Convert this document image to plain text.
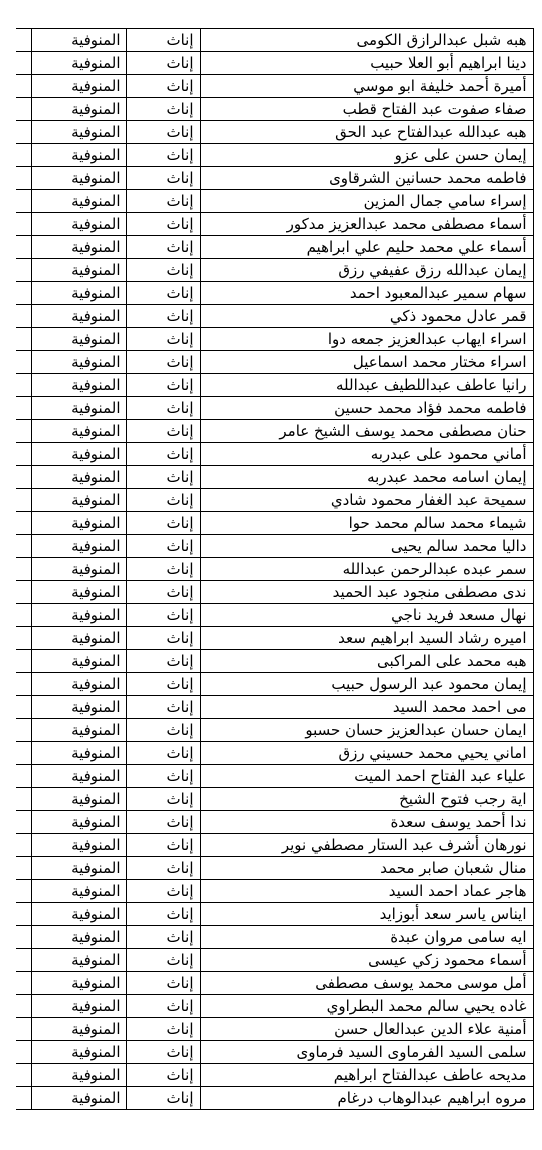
هبه شبل عبدالرازق الكومى	إناث	المنوفية	
دينا ابراهيم أبو العلا حبيب	إناث	المنوفية	
أميرة أحمد خليفة ابو موسي	إناث	المنوفية	
صفاء صفوت عبد الفتاح قطب	إناث	المنوفية	
هبه عبدالله عبدالفتاح عبد الحق	إناث	المنوفية	
إيمان حسن على عزو	إناث	المنوفية	
فاطمه محمد حسانين الشرقاوى	إناث	المنوفية	
إسراء سامي جمال المزين	إناث	المنوفية	
أسماء مصطفى محمد عبدالعزيز مدكور	إناث	المنوفية	
أسماء علي محمد حليم علي ابراهيم	إناث	المنوفية	
إيمان عبدالله رزق عفيفي رزق	إناث	المنوفية	
سهام سمير عبدالمعبود احمد	إناث	المنوفية	
قمر عادل محمود ذكي	إناث	المنوفية	
اسراء ايهاب عبدالعزيز جمعه دوا	إناث	المنوفية	
اسراء مختار محمد اسماعيل	إناث	المنوفية	
رانيا عاطف عبداللطيف عبدالله	إناث	المنوفية	
فاطمه محمد فؤاد محمد حسين	إناث	المنوفية	
حنان مصطفى محمد يوسف الشيخ عامر	إناث	المنوفية	
أماني محمود على عبدربه	إناث	المنوفية	
إيمان اسامه محمد عبدربه	إناث	المنوفية	
سميحة عبد الغفار محمود شادي	إناث	المنوفية	
شيماء محمد سالم محمد حوا	إناث	المنوفية	
داليا محمد سالم يحيى	إناث	المنوفية	
سمر عبده عبدالرحمن عبدالله	إناث	المنوفية	
ندى مصطفى منجود عبد الحميد	إناث	المنوفية	
نهال مسعد فريد ناجي	إناث	المنوفية	
اميره رشاد السيد ابراهيم سعد	إناث	المنوفية	
هبه محمد على المراكبى	إناث	المنوفية	
إيمان محمود عبد الرسول حبيب	إناث	المنوفية	
مى احمد محمد السيد	إناث	المنوفية	
ايمان حسان عبدالعزيز حسان حسبو	إناث	المنوفية	
اماني يحيي محمد حسيني رزق	إناث	المنوفية	
علياء عبد الفتاح احمد الميت	إناث	المنوفية	
اية رجب فتوح الشيخ	إناث	المنوفية	
ندا أحمد يوسف سعدة	إناث	المنوفية	
نورهان أشرف عبد الستار مصطفي نوير	إناث	المنوفية	
منال شعبان صابر محمد	إناث	المنوفية	
هاجر عماد احمد السيد	إناث	المنوفية	
ايناس ياسر سعد أبوزايد	إناث	المنوفية	
ايه سامى مروان عبدة	إناث	المنوفية	
أسماء محمود زكي عيسى	إناث	المنوفية	
أمل موسى محمد يوسف مصطفى	إناث	المنوفية	
غاده يحيي سالم محمد البطراوي	إناث	المنوفية	
أمنية علاء الدين عبدالعال حسن	إناث	المنوفية	
سلمى السيد الفرماوى السيد فرماوى	إناث	المنوفية	
مديحه عاطف عبدالفتاح ابراهيم	إناث	المنوفية	
مروه ابراهيم عبدالوهاب درغام	إناث	المنوفية	
